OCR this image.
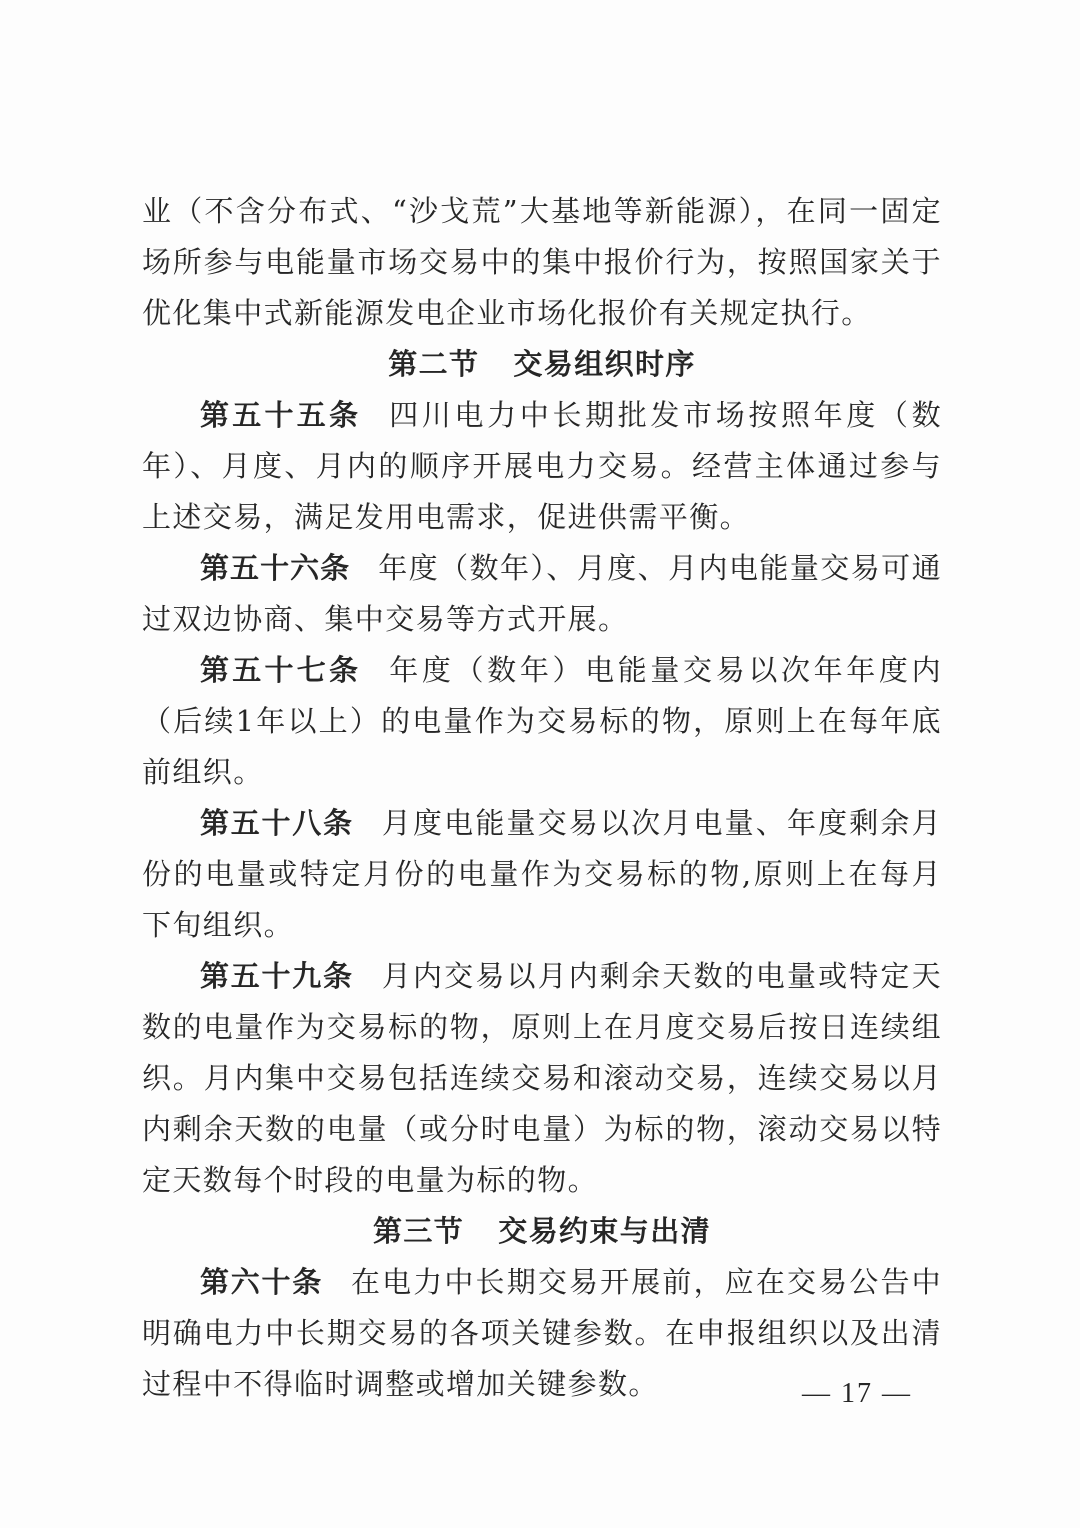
业（不含分布式、“沙戈荒”大基地等新能源），在同一固定场所参与电能量市场交易中的集中报价行为，按照国家关于优化集中式新能源发电企业市场化报价有关规定执行。

第二节 交易组织时序

第五十五条 四川电力中长期批发市场按照年度（数年）、月度、月内的顺序开展电力交易。经营主体通过参与上述交易，满足发用电需求，促进供需平衡。

第五十六条 年度（数年）、月度、月内电能量交易可通过双边协商、集中交易等方式开展。

第五十七条 年度（数年）电能量交易以次年年度内（后续1年以上）的电量作为交易标的物，原则上在每年底前组织。

第五十八条 月度电能量交易以次月电量、年度剩余月份的电量或特定月份的电量作为交易标的物,原则上在每月下旬组织。

第五十九条 月内交易以月内剩余天数的电量或特定天数的电量作为交易标的物，原则上在月度交易后按日连续组织。月内集中交易包括连续交易和滚动交易，连续交易以月内剩余天数的电量（或分时电量）为标的物，滚动交易以特定天数每个时段的电量为标的物。

第三节 交易约束与出清

第六十条 在电力中长期交易开展前，应在交易公告中明确电力中长期交易的各项关键参数。在申报组织以及出清过程中不得临时调整或增加关键参数。	— 17 —
